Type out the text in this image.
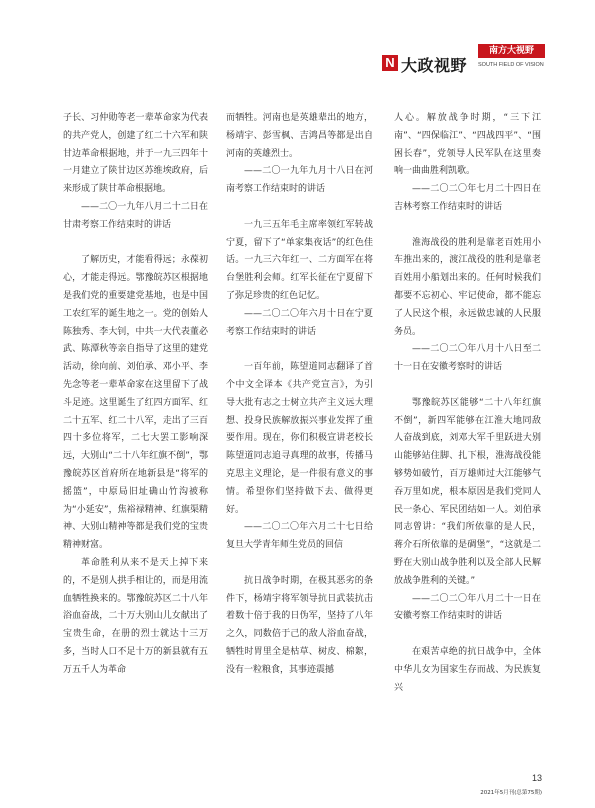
N 大政视野
南方大视野
SOUTH FIELD OF VISION

子长、习仲勋等老一辈革命家为代表的共产党人，创建了红二十六军和陕甘边革命根据地，并于一九三四年十一月建立了陕甘边区苏维埃政府，后来形成了陕甘革命根据地。

——二〇一九年八月二十二日在甘肃考察工作结束时的讲话

了解历史，才能看得远；永葆初心，才能走得远。鄂豫皖苏区根据地是我们党的重要建党基地，也是中国工农红军的诞生地之一。党的创始人陈独秀、李大钊，中共一大代表董必武、陈潭秋等亲自指导了这里的建党活动，徐向前、刘伯承、邓小平、李先念等老一辈革命家在这里留下了战斗足迹。这里诞生了红四方面军、红二十五军、红二十八军，走出了三百四十多位将军，二七大罢工影响深远，大别山“二十八年红旗不倒”，鄂豫皖苏区首府所在地新县是“将军的摇篮”，中原局旧址确山竹沟被称为“小延安”，焦裕禄精神、红旗渠精神、大别山精神等都是我们党的宝贵精神财富。

革命胜利从来不是天上掉下来的，不是别人拱手相让的，而是用流血牺牲换来的。鄂豫皖苏区二十八年浴血奋战，二十万大别山儿女献出了宝贵生命，在册的烈士就达十三万多，当时人口不足十万的新县就有五万五千人为革命

而牺牲。河南也是英雄辈出的地方，杨靖宇、彭雪枫、吉鸿昌等都是出自河南的英雄烈士。

——二〇一九年九月十八日在河南考察工作结束时的讲话

一九三五年毛主席率领红军转战宁夏，留下了“单家集夜话”的红色佳话。一九三六年红一、二方面军在将台堡胜利会师。红军长征在宁夏留下了弥足珍贵的红色记忆。

——二〇二〇年六月十日在宁夏考察工作结束时的讲话

一百年前，陈望道同志翻译了首个中文全译本《共产党宣言》，为引导大批有志之士树立共产主义远大理想、投身民族解放振兴事业发挥了重要作用。现在，你们积极宣讲老校长陈望道同志追寻真理的故事，传播马克思主义理论，是一件很有意义的事情。希望你们坚持做下去、做得更好。

——二〇二〇年六月二十七日给复旦大学青年师生党员的回信

抗日战争时期，在极其恶劣的条件下，杨靖宇将军领导抗日武装抗击着数十倍于我的日伪军，坚持了八年之久，同数倍于己的敌人浴血奋战，牺牲时胃里全是枯草、树皮、棉絮，没有一粒粮食，其事迹震撼

人心。解放战争时期，“三下江南”、“四保临江”、“四战四平”、“围困长春”，党领导人民军队在这里奏响一曲曲胜利凯歌。

——二〇二〇年七月二十四日在吉林考察工作结束时的讲话

淮海战役的胜利是靠老百姓用小车推出来的，渡江战役的胜利是靠老百姓用小船划出来的。任何时候我们都要不忘初心、牢记使命，都不能忘了人民这个根，永远做忠诚的人民服务员。

——二〇二〇年八月十八日至二十一日在安徽考察时的讲话

鄂豫皖苏区能够“二十八年红旗不倒”，新四军能够在江淮大地同敌人奋战到底，刘邓大军千里跃进大别山能够站住脚、扎下根，淮海战役能够势如破竹，百万雄师过大江能够气吞万里如虎，根本原因是我们党同人民一条心、军民团结如一人。刘伯承同志曾讲：“我们所依靠的是人民，蒋介石所依靠的是碉堡”，“这就是二野在大别山战争胜利以及全部人民解放战争胜利的关键。”

——二〇二〇年八月二十一日在安徽考察工作结束时的讲话

在艰苦卓绝的抗日战争中，全体中华儿女为国家生存而战、为民族复兴

13
2021年5月刊(总第75期)
